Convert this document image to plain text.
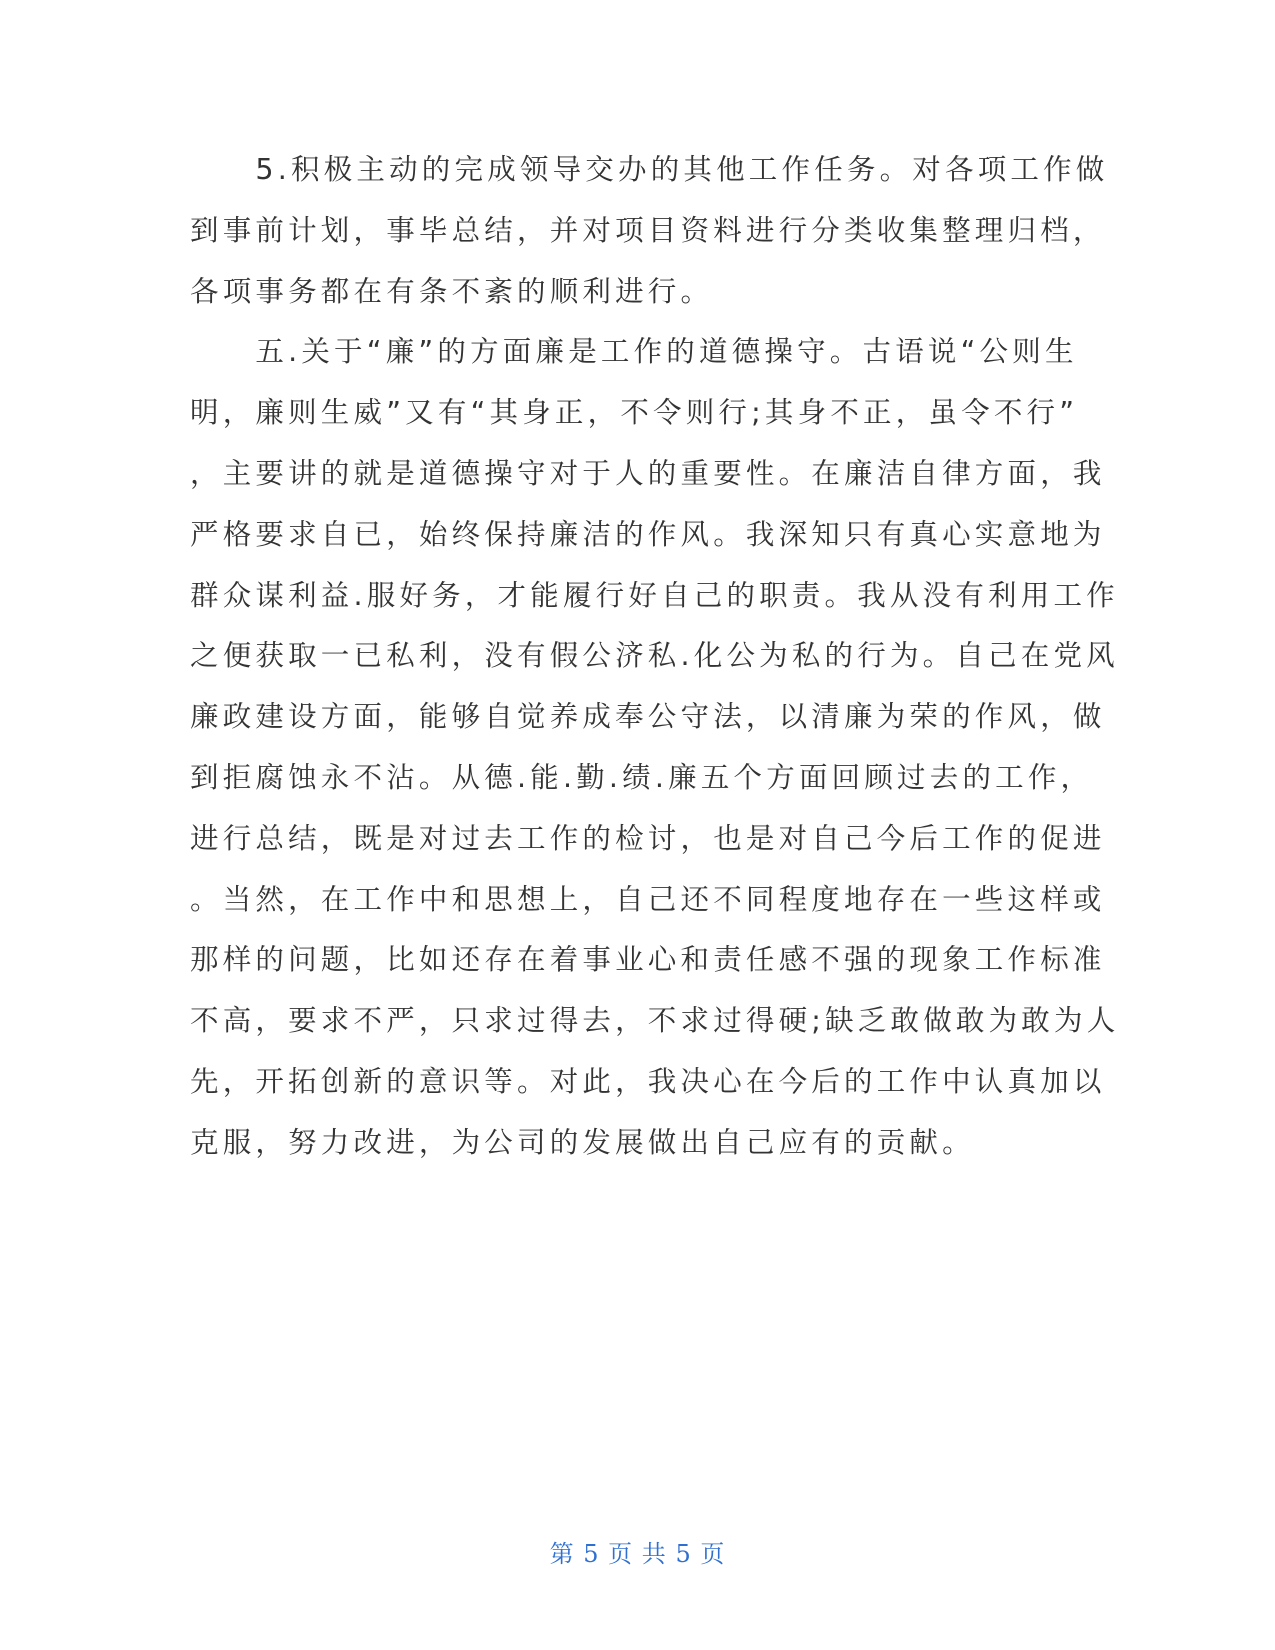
　　5.积极主动的完成领导交办的其他工作任务。对各项工作做
到事前计划，事毕总结，并对项目资料进行分类收集整理归档，
各项事务都在有条不紊的顺利进行。
　　五.关于“廉”的方面廉是工作的道德操守。古语说“公则生
明，廉则生威”又有“其身正，不令则行;其身不正，虽令不行”
，主要讲的就是道德操守对于人的重要性。在廉洁自律方面，我
严格要求自已，始终保持廉洁的作风。我深知只有真心实意地为
群众谋利益.服好务，才能履行好自己的职责。我从没有利用工作
之便获取一已私利，没有假公济私.化公为私的行为。自己在党风
廉政建设方面，能够自觉养成奉公守法，以清廉为荣的作风，做
到拒腐蚀永不沾。从德.能.勤.绩.廉五个方面回顾过去的工作，
进行总结，既是对过去工作的检讨，也是对自己今后工作的促进
。当然，在工作中和思想上，自己还不同程度地存在一些这样或
那样的问题，比如还存在着事业心和责任感不强的现象工作标准
不高，要求不严，只求过得去，不求过得硬;缺乏敢做敢为敢为人
先，开拓创新的意识等。对此，我决心在今后的工作中认真加以
克服，努力改进，为公司的发展做出自己应有的贡献。
第 5 页 共 5 页
